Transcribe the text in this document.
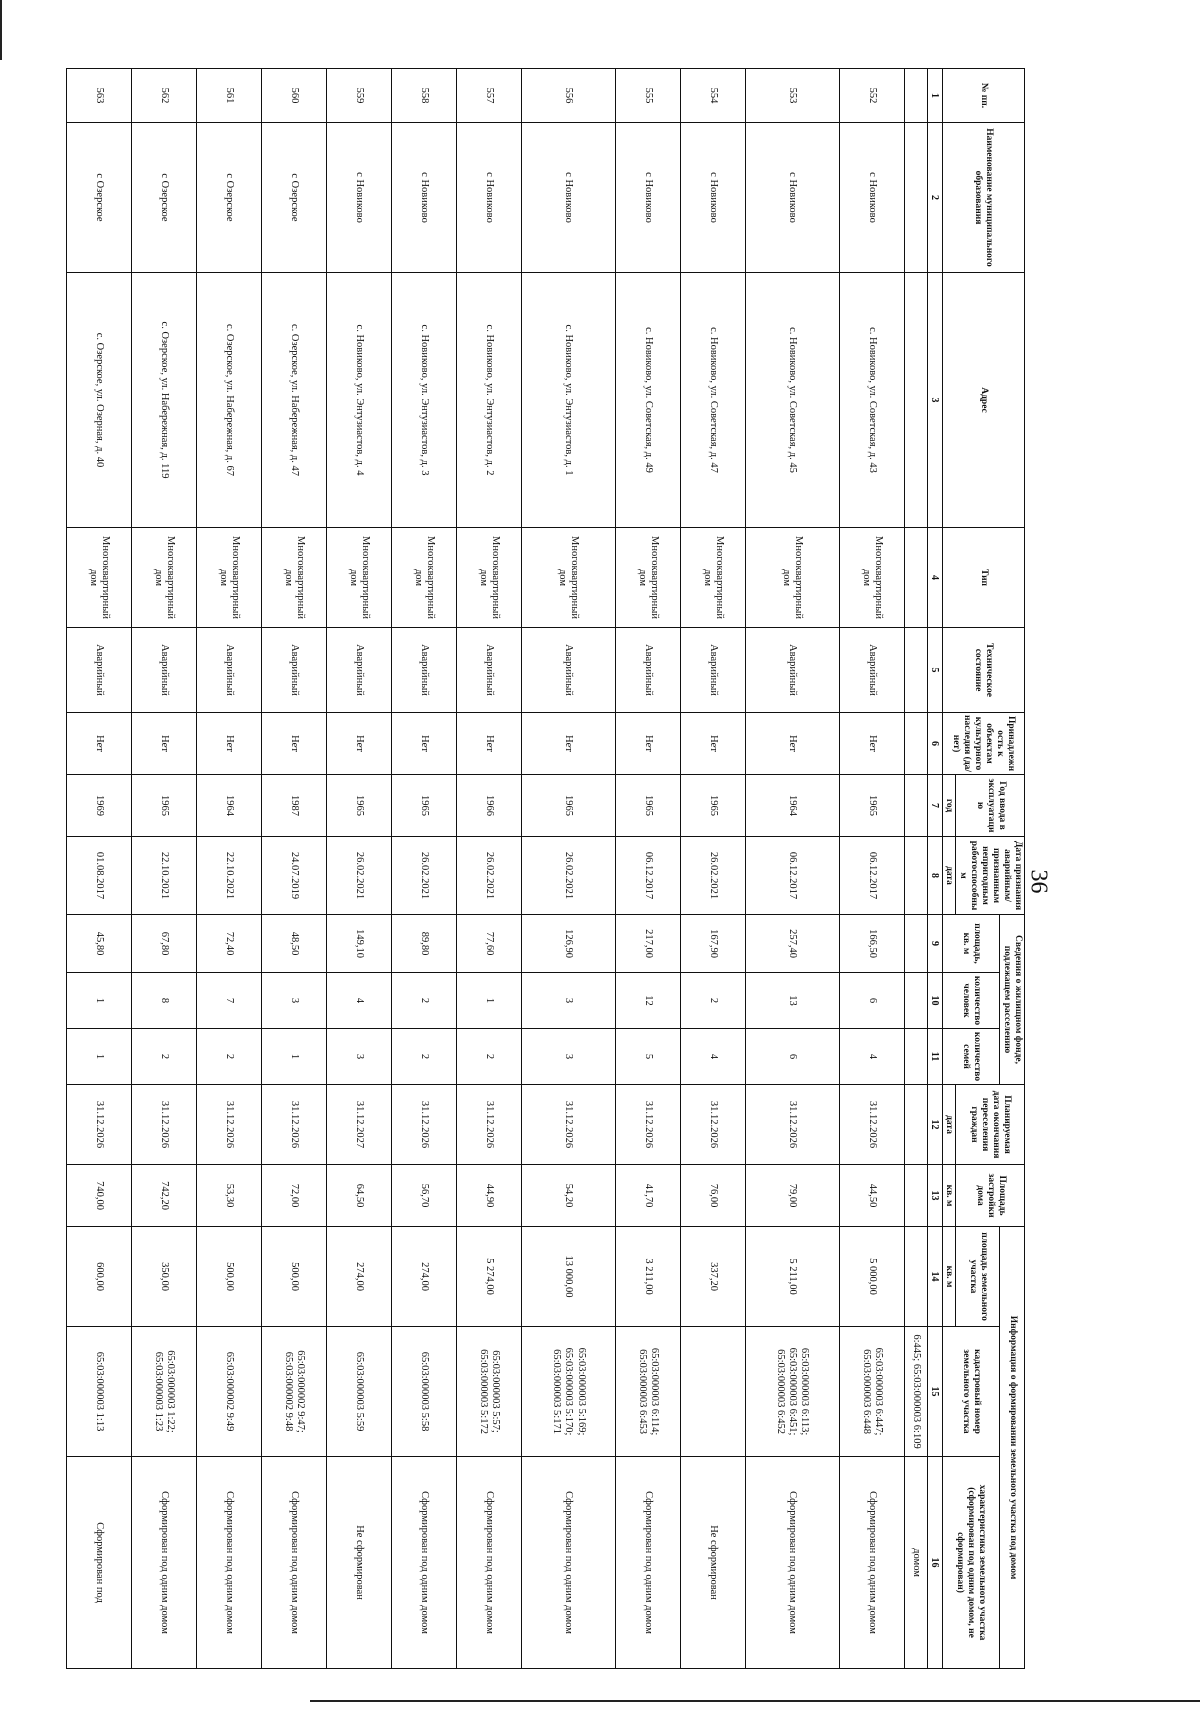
36
№ пп.	Наименование муниципального образования	Адрес	Тип	Техническое состояние	Принадлежность к объектам культурного наследия (да/нет)	Год ввода в эксплуатацию	Дата признания аварийным/признанным непригодным работоспособным	Сведения о жилищном фонде, подлежащем расселению			Планируемая дата окончания переселения граждан	Площадь застройки дома	Информация о формировании земельного участка под домом		
								площадь, кв. м	количество человек	количество семей			площадь земельного участка	кадастровый номер земельного участка	характеристика земельного участка (сформирован под одним домом, не сформирован)
						год	дата				дата	кв. м	кв. м		
1	2	3	4	5	6	7	8	9	10	11	12	13	14	15	16
														6:445; 65:03:000003 6:109	домом
552	с Новиково	с. Новиково, ул. Советская, д. 43	Многоквартирный дом	Аварийный	Нет	1965	06.12.2017	166,50	6	4	31.12.2026	44,50	5 000,00	65:03:000003 6:447; 65:03:000003 6:448	Сформирован под одним домом
553	с Новиково	с. Новиково, ул. Советская, д. 45	Многоквартирный дом	Аварийный	Нет	1964	06.12.2017	257,40	13	6	31.12.2026	79,00	5 211,00	65:03:000003 6:113; 65:03:000003 6:451; 65:03:000003 6:452	Сформирован под одним домом
554	с Новиково	с. Новиково, ул. Советская, д. 47	Многоквартирный дом	Аварийный	Нет	1965	26.02.2021	167,90	2	4	31.12.2026	76,00	337,20		Не сформирован
555	с Новиково	с. Новиково, ул. Советская, д. 49	Многоквартирный дом	Аварийный	Нет	1965	06.12.2017	217,00	12	5	31.12.2026	41,70	3 211,00	65:03:000003 6:114; 65:03:000003 6:453	Сформирован под одним домом
556	с Новиково	с. Новиково, ул. Энтузиастов, д. 1	Многоквартирный дом	Аварийный	Нет	1965	26.02.2021	126,90	3	3	31.12.2026	54,20	13 000,00	65:03:000003 5:169; 65:03:000003 5:170; 65:03:000003 5:171	Сформирован под одним домом
557	с Новиково	с. Новиково, ул. Энтузиастов, д. 2	Многоквартирный дом	Аварийный	Нет	1966	26.02.2021	77,60	1	2	31.12.2026	44,90	5 274,00	65:03:000003 5:57; 65:03:000003 5:172	Сформирован под одним домом
558	с Новиково	с. Новиково, ул. Энтузиастов, д. 3	Многоквартирный дом	Аварийный	Нет	1965	26.02.2021	89,80	2	2	31.12.2026	56,70	274,00	65:03:000003 5:58	Сформирован под одним домом
559	с Новиково	с. Новиково, ул. Энтузиастов, д. 4	Многоквартирный дом	Аварийный	Нет	1965	26.02.2021	149,10	4	3	31.12.2027	64,50	274,00	65:03:000003 5:59	Не сформирован
560	с Озерское	с. Озерское, ул. Набережная, д. 47	Многоквартирный дом	Аварийный	Нет	1987	24.07.2019	48,50	3	1	31.12.2026	72,00	500,00	65:03:000002 9:47; 65:03:000002 9:48	Сформирован под одним домом
561	с Озерское	с. Озерское, ул. Набережная, д. 67	Многоквартирный дом	Аварийный	Нет	1964	22.10.2021	72,40	7	2	31.12.2026	53,30	500,00	65:03:000002 9:49	Сформирован под одним домом
562	с Озерское	с. Озерское, ул. Набережная, д. 119	Многоквартирный дом	Аварийный	Нет	1965	22.10.2021	67,80	8	2	31.12.2026	742,20	350,00	65:03:000003 1:22; 65:03:000003 1:23	Сформирован под одним домом
563	с Озерское	с. Озерское, ул. Озерная, д. 40	Многоквартирный дом	Аварийный	Нет	1969	01.08.2017	45,80	1	1	31.12.2026	740,00	600,00	65:03:000003 1:13	Сформирован под
